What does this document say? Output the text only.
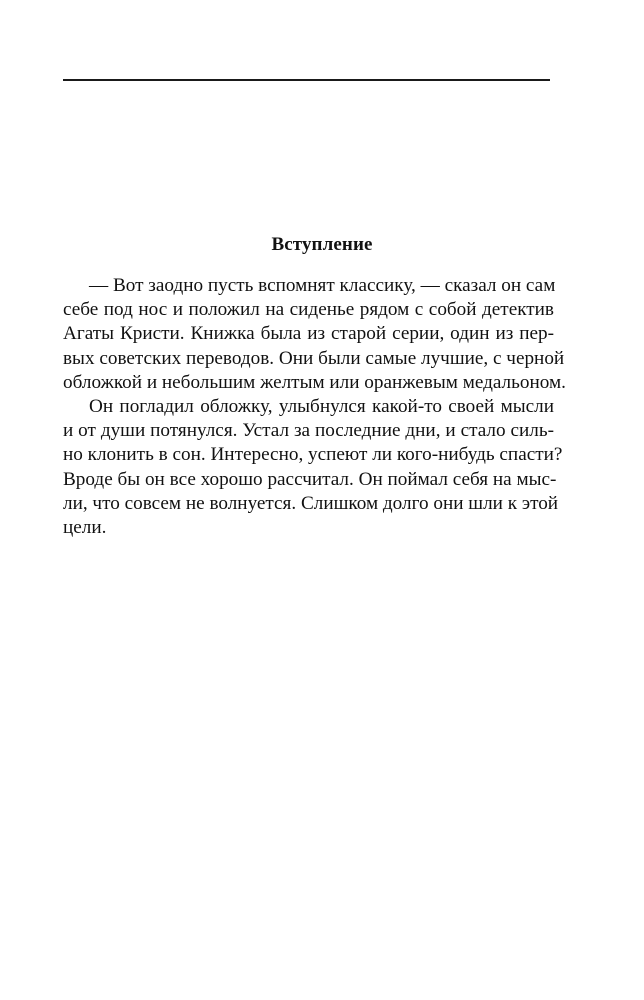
Вступление

— Вот заодно пусть вспомнят классику, — сказал он сам
себе под нос и положил на сиденье рядом с собой детектив
Агаты Кристи. Книжка была из старой серии, один из пер-
вых советских переводов. Они были самые лучшие, с черной
обложкой и небольшим желтым или оранжевым медальоном.

Он погладил обложку, улыбнулся какой-то своей мысли
и от души потянулся. Устал за последние дни, и стало силь-
но клонить в сон. Интересно, успеют ли кого-нибудь спасти?
Вроде бы он все хорошо рассчитал. Он поймал себя на мыс-
ли, что совсем не волнуется. Слишком долго они шли к этой
цели.
